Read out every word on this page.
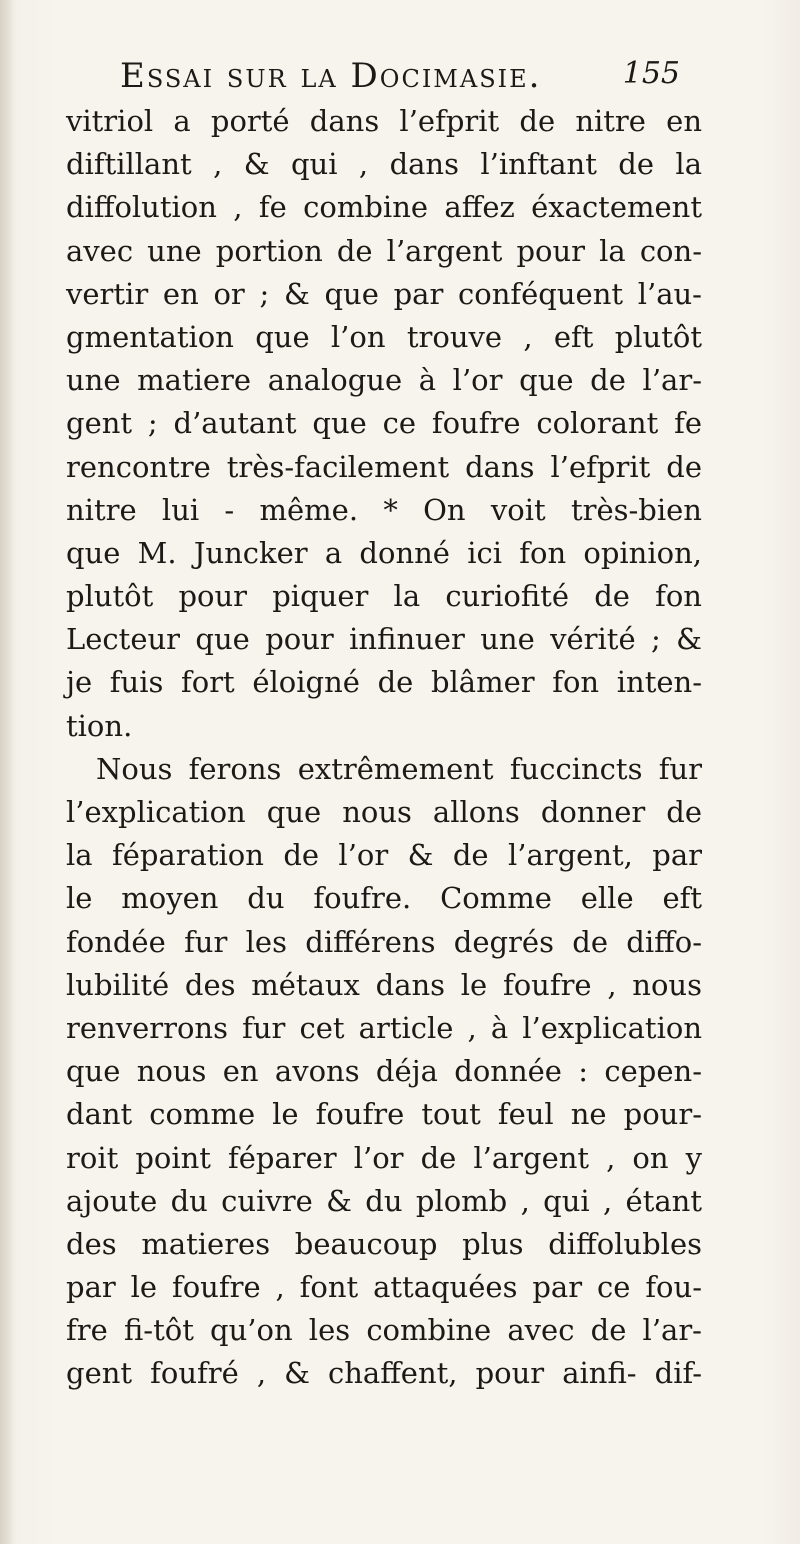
Essai sur la Docimasie.	155
vitriol a porté dans l’efprit de nitre en
diftillant , & qui , dans l’inftant de la
diffolution , fe combine affez éxactement
avec une portion de l’argent pour la con-
vertir en or ; & que par conféquent l’au-
gmentation que l’on trouve , eft plutôt
une matiere analogue à l’or que de l’ar-
gent ; d’autant que ce foufre colorant fe
rencontre très-facilement dans l’efprit de
nitre lui - même. * On voit très-bien
que M. Juncker a donné ici fon opinion,
plutôt pour piquer la curiofité de fon
Lecteur que pour infinuer une vérité ; &
je fuis fort éloigné de blâmer fon inten-
tion.
Nous ferons extrêmement fuccincts fur
l’explication que nous allons donner de
la féparation de l’or & de l’argent, par
le moyen du foufre. Comme elle eft
fondée fur les différens degrés de diffo-
lubilité des métaux dans le foufre , nous
renverrons fur cet article , à l’explication
que nous en avons déja donnée : cepen-
dant comme le foufre tout feul ne pour-
roit point féparer l’or de l’argent , on y
ajoute du cuivre & du plomb , qui , étant
des matieres beaucoup plus diffolubles
par le foufre , font attaquées par ce fou-
fre fi-tôt qu’on les combine avec de l’ar-
gent foufré , & chaffent, pour ainfi- dif-
